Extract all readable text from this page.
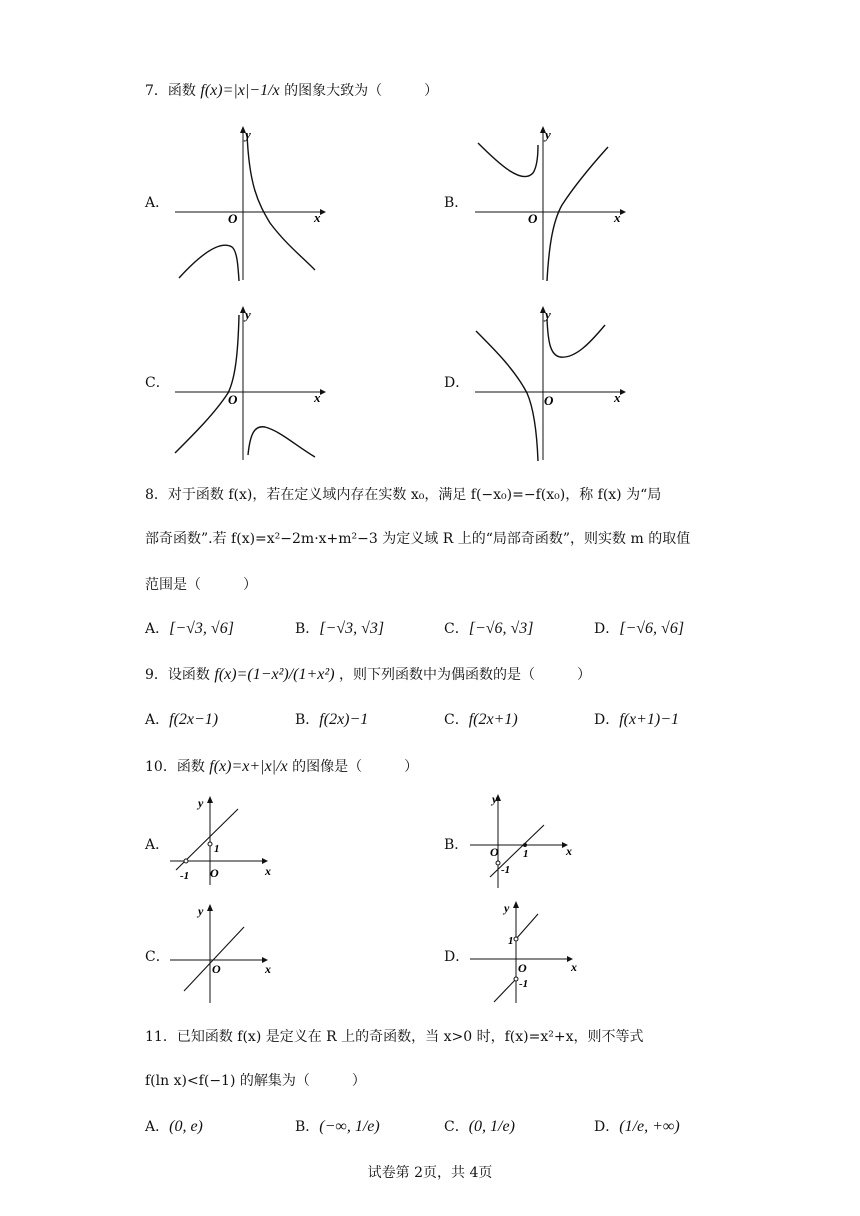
7．函数 f(x)=|x|−1/x 的图象大致为（　　　）
A．	B．
C．	D．
y
x
O
y
x
O
y
x
O
y
x
O
8．对于函数 f(x)，若在定义域内存在实数 x₀，满足 f(−x₀)=−f(x₀)，称 f(x) 为“局
部奇函数”.若 f(x)=x²−2m·x+m²−3 为定义域 R 上的“局部奇函数”，则实数 m 的取值
范围是（　　　）
A．[−√3, √6]	B．[−√3, √3]	C．[−√6, √3]	D．[−√6, √6]
9．设函数 f(x)=(1−x²)/(1+x²) ，则下列函数中为偶函数的是（　　　）
A．f(2x−1)	B．f(2x)−1	C．f(2x+1)	D．f(x+1)−1
10．函数 f(x)=x+|x|/x 的图像是（　　　）
A．	B．
C．	D．
y
x
O
1
-1
y
x
O 1
-1
y
x
O
y
x
O
1
-1
11．已知函数 f(x) 是定义在 R 上的奇函数，当 x>0 时，f(x)=x²+x，则不等式
f(ln x)<f(−1) 的解集为（　　　）
A．(0, e)	B．(−∞, 1/e)	C．(0, 1/e)	D．(1/e, +∞)
试卷第 2页，共 4页
